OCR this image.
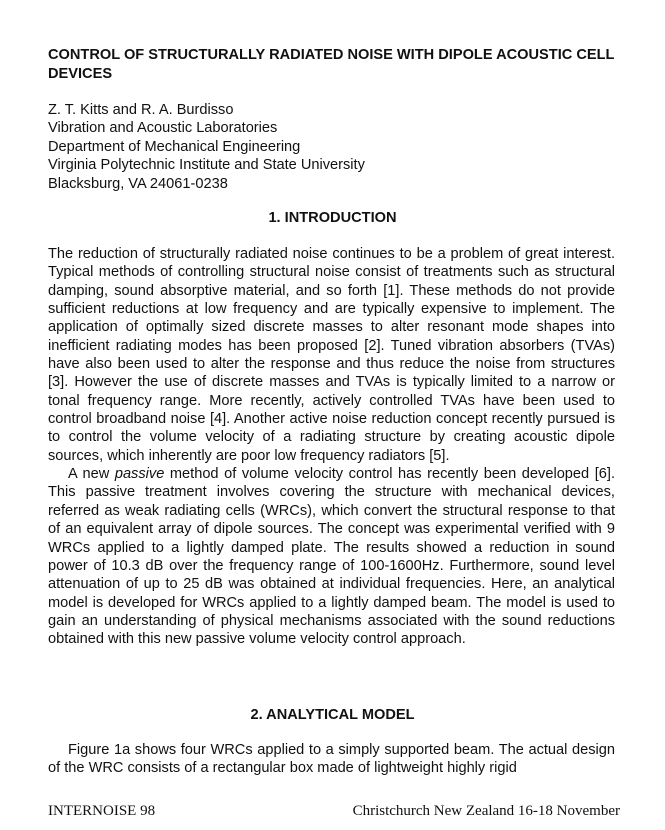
CONTROL OF STRUCTURALLY RADIATED NOISE WITH DIPOLE ACOUSTIC CELL DEVICES
Z. T. Kitts and R. A. Burdisso
Vibration and Acoustic Laboratories
Department of Mechanical Engineering
Virginia Polytechnic Institute and State University
Blacksburg, VA 24061-0238
1. INTRODUCTION

The reduction of structurally radiated noise continues to be a problem of great interest. Typical methods of controlling structural noise consist of treatments such as structural damping, sound absorptive material, and so forth [1]. These methods do not provide sufficient reductions at low frequency and are typically expensive to implement. The application of optimally sized discrete masses to alter resonant mode shapes into inefficient radiating modes has been proposed [2]. Tuned vibration absorbers (TVAs) have also been used to alter the response and thus reduce the noise from structures [3]. However the use of discrete masses and TVAs is typically limited to a narrow or tonal frequency range. More recently, actively controlled TVAs have been used to control broadband noise [4]. Another active noise reduction concept recently pursued is to control the volume velocity of a radiating structure by creating acoustic dipole sources, which inherently are poor low frequency radiators [5].

A new passive method of volume velocity control has recently been developed [6]. This passive treatment involves covering the structure with mechanical devices, referred as weak radiating cells (WRCs), which convert the structural response to that of an equivalent array of dipole sources. The concept was experimental verified with 9 WRCs applied to a lightly damped plate. The results showed a reduction in sound power of 10.3 dB over the frequency range of 100-1600Hz. Furthermore, sound level attenuation of up to 25 dB was obtained at individual frequencies. Here, an analytical model is developed for WRCs applied to a lightly damped beam. The model is used to gain an understanding of physical mechanisms associated with the sound reductions obtained with this new passive volume velocity control approach.

2. ANALYTICAL MODEL

Figure 1a shows four WRCs applied to a simply supported beam. The actual design of the WRC consists of a rectangular box made of lightweight highly rigid

INTERNOISE 98	Christchurch New Zealand 16-18 November
